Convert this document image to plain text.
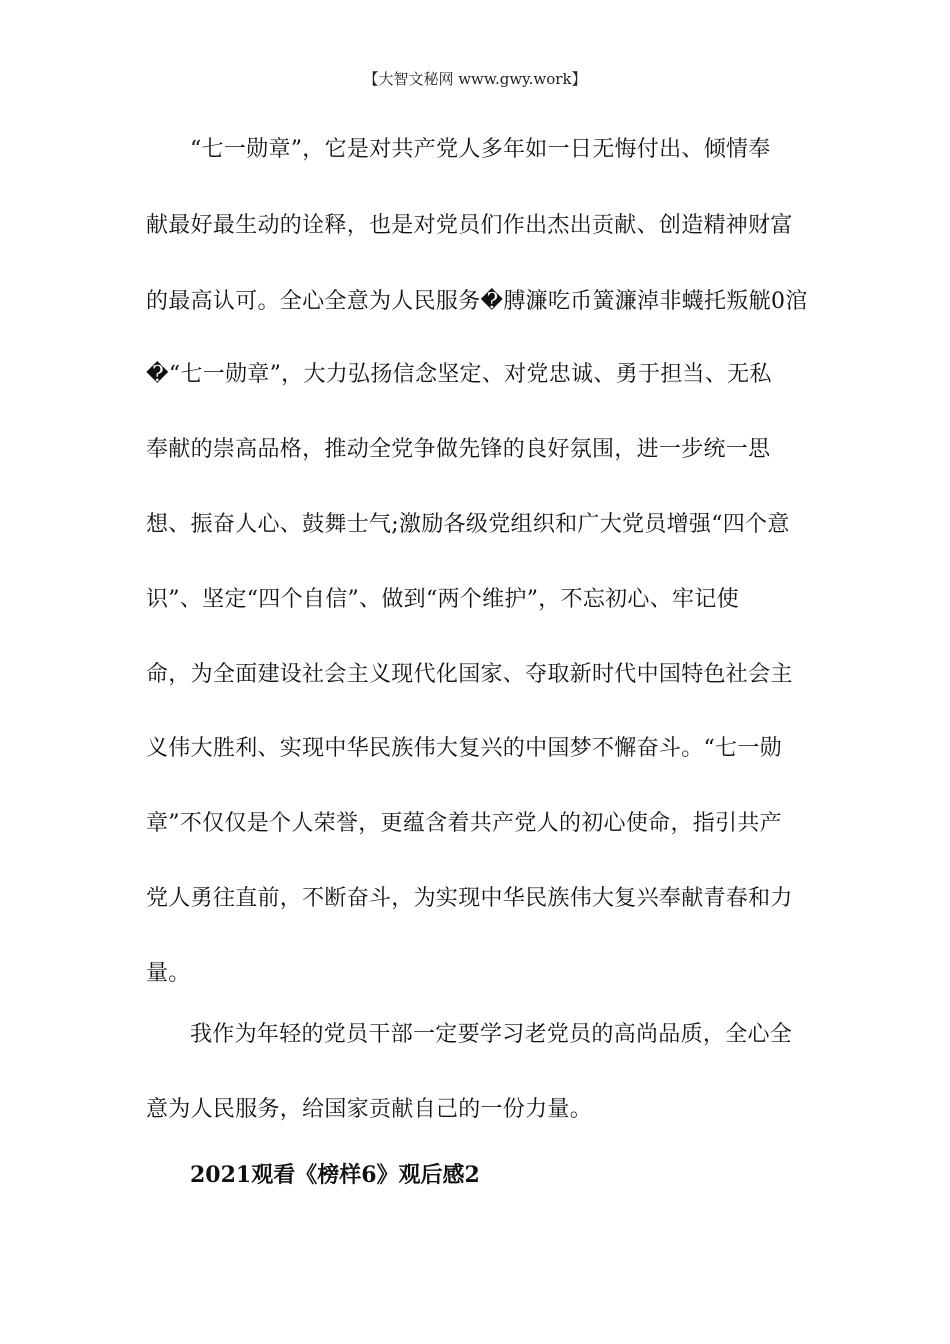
【大智文秘网 www.gwy.work】
“七一勋章”，它是对共产党人多年如一日无悔付出、倾情奉
献最好最生动的诠释，也是对党员们作出杰出贡献、创造精神财富
的最高认可。全心全意为人民服务�膊濂吃币簧濂淖非蠛托叛觥0涫
�“七一勋章”，大力弘扬信念坚定、对党忠诚、勇于担当、无私
奉献的崇高品格，推动全党争做先锋的良好氛围，进一步统一思
想、振奋人心、鼓舞士气;激励各级党组织和广大党员增强“四个意
识”、坚定“四个自信”、做到“两个维护”，不忘初心、牢记使
命，为全面建设社会主义现代化国家、夺取新时代中国特色社会主
义伟大胜利、实现中华民族伟大复兴的中国梦不懈奋斗。“七一勋
章”不仅仅是个人荣誉，更蕴含着共产党人的初心使命，指引共产
党人勇往直前，不断奋斗，为实现中华民族伟大复兴奉献青春和力
量。
我作为年轻的党员干部一定要学习老党员的高尚品质，全心全
意为人民服务，给国家贡献自己的一份力量。
2021观看《榜样6》观后感2
